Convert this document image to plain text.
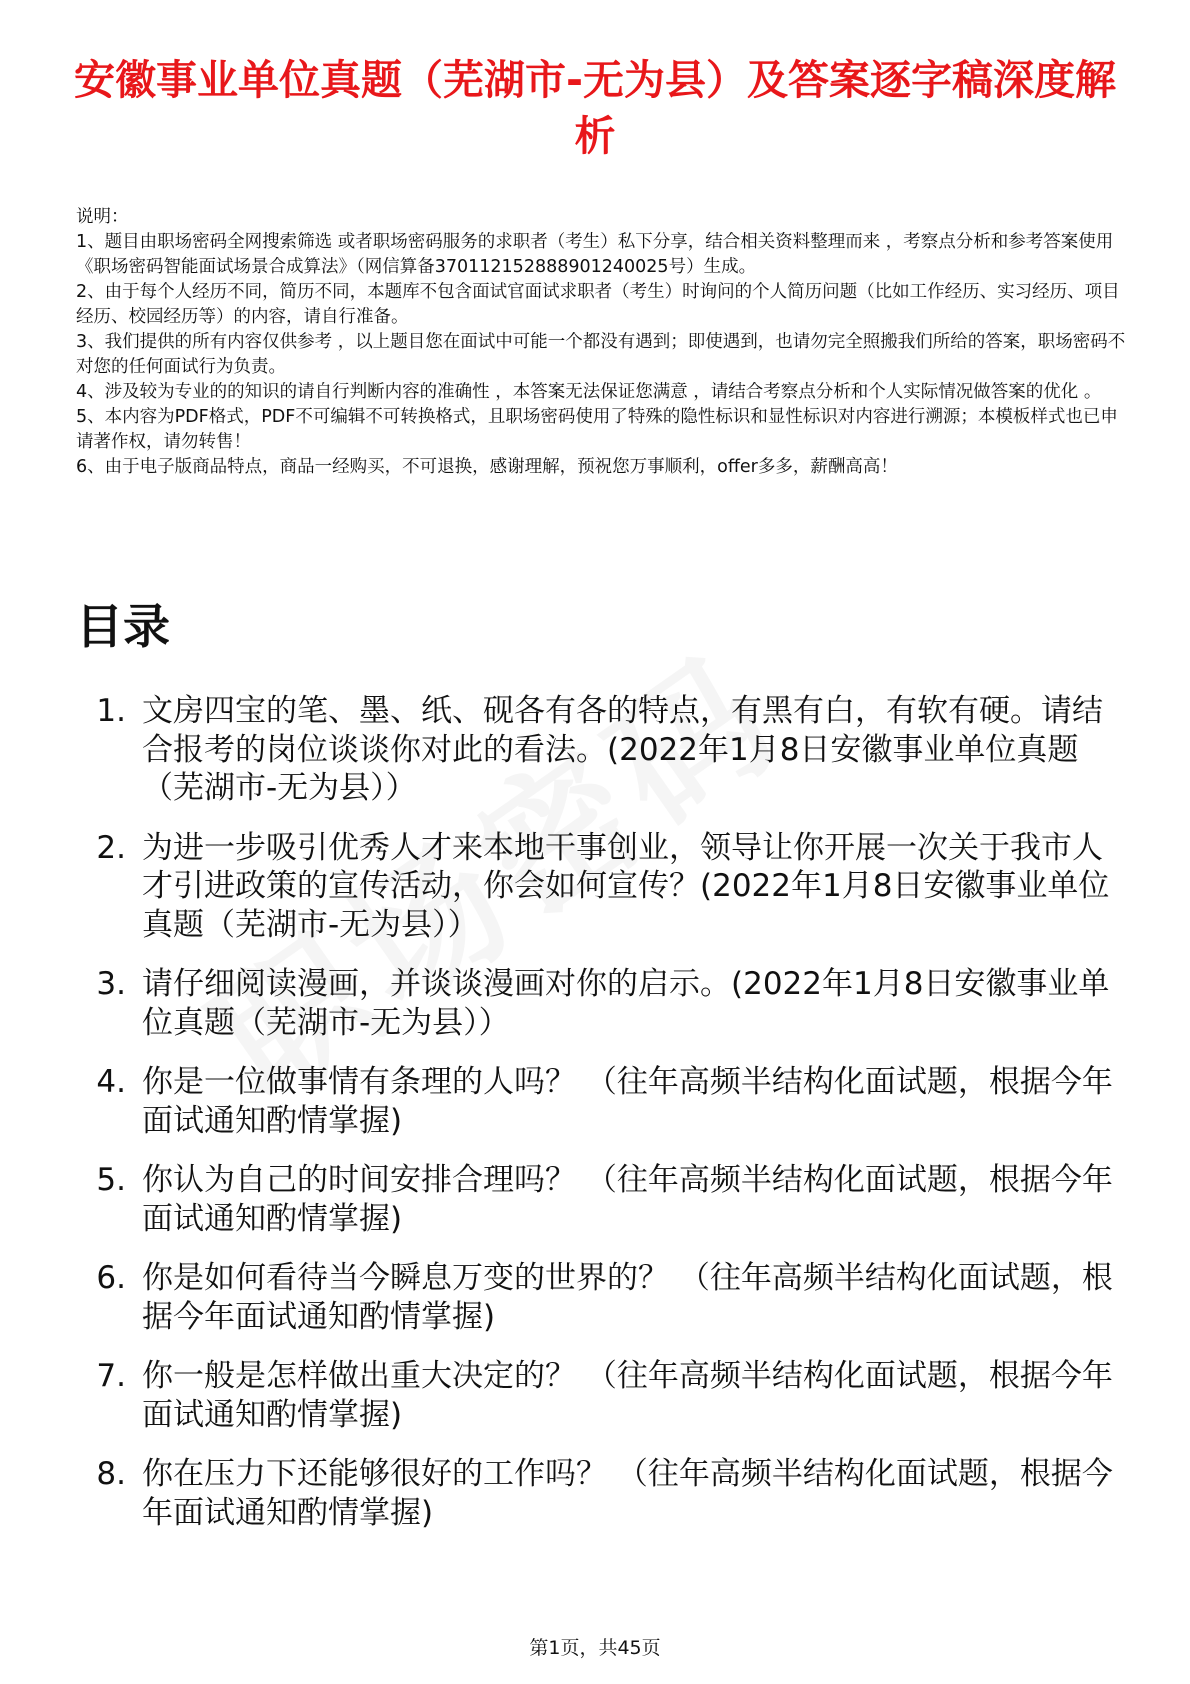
安徽事业单位真题（芜湖市-无为县）及答案逐字稿深度解析

说明：

1、题目由职场密码全网搜索筛选 或者职场密码服务的求职者（考生）私下分享，结合相关资料整理而来 ，考察点分析和参考答案使用《职场密码智能面试场景合成算法》（网信算备370112152888901240025号）生成。

2、由于每个人经历不同，简历不同，本题库不包含面试官面试求职者（考生）时询问的个人简历问题（比如工作经历、实习经历、项目经历、校园经历等）的内容，请自行准备。

3、我们提供的所有内容仅供参考 ，以上题目您在面试中可能一个都没有遇到；即使遇到，也请勿完全照搬我们所给的答案，职场密码不对您的任何面试行为负责。

4、涉及较为专业的的知识的请自行判断内容的准确性 ，本答案无法保证您满意 ，请结合考察点分析和个人实际情况做答案的优化 。

5、本内容为PDF格式，PDF不可编辑不可转换格式，且职场密码使用了特殊的隐性标识和显性标识对内容进行溯源；本模板样式也已申请著作权，请勿转售！

6、由于电子版商品特点，商品一经购买，不可退换，感谢理解，预祝您万事顺利，offer多多，薪酬高高！

目录
1. 文房四宝的笔、墨、纸、砚各有各的特点，有黑有白，有软有硬。请结合报考的岗位谈谈你对此的看法。(2022年1月8日安徽事业单位真题（芜湖市-无为县））
2. 为进一步吸引优秀人才来本地干事创业，领导让你开展一次关于我市人才引进政策的宣传活动，你会如何宣传？(2022年1月8日安徽事业单位真题（芜湖市-无为县））
3. 请仔细阅读漫画，并谈谈漫画对你的启示。(2022年1月8日安徽事业单位真题（芜湖市-无为县））
4. 你是一位做事情有条理的人吗？ （往年高频半结构化面试题，根据今年面试通知酌情掌握)
5. 你认为自己的时间安排合理吗？ （往年高频半结构化面试题，根据今年面试通知酌情掌握)
6. 你是如何看待当今瞬息万变的世界的？ （往年高频半结构化面试题，根据今年面试通知酌情掌握)
7. 你一般是怎样做出重大决定的？ （往年高频半结构化面试题，根据今年面试通知酌情掌握)
8. 你在压力下还能够很好的工作吗？ （往年高频半结构化面试题，根据今年面试通知酌情掌握)
第1页，共45页
